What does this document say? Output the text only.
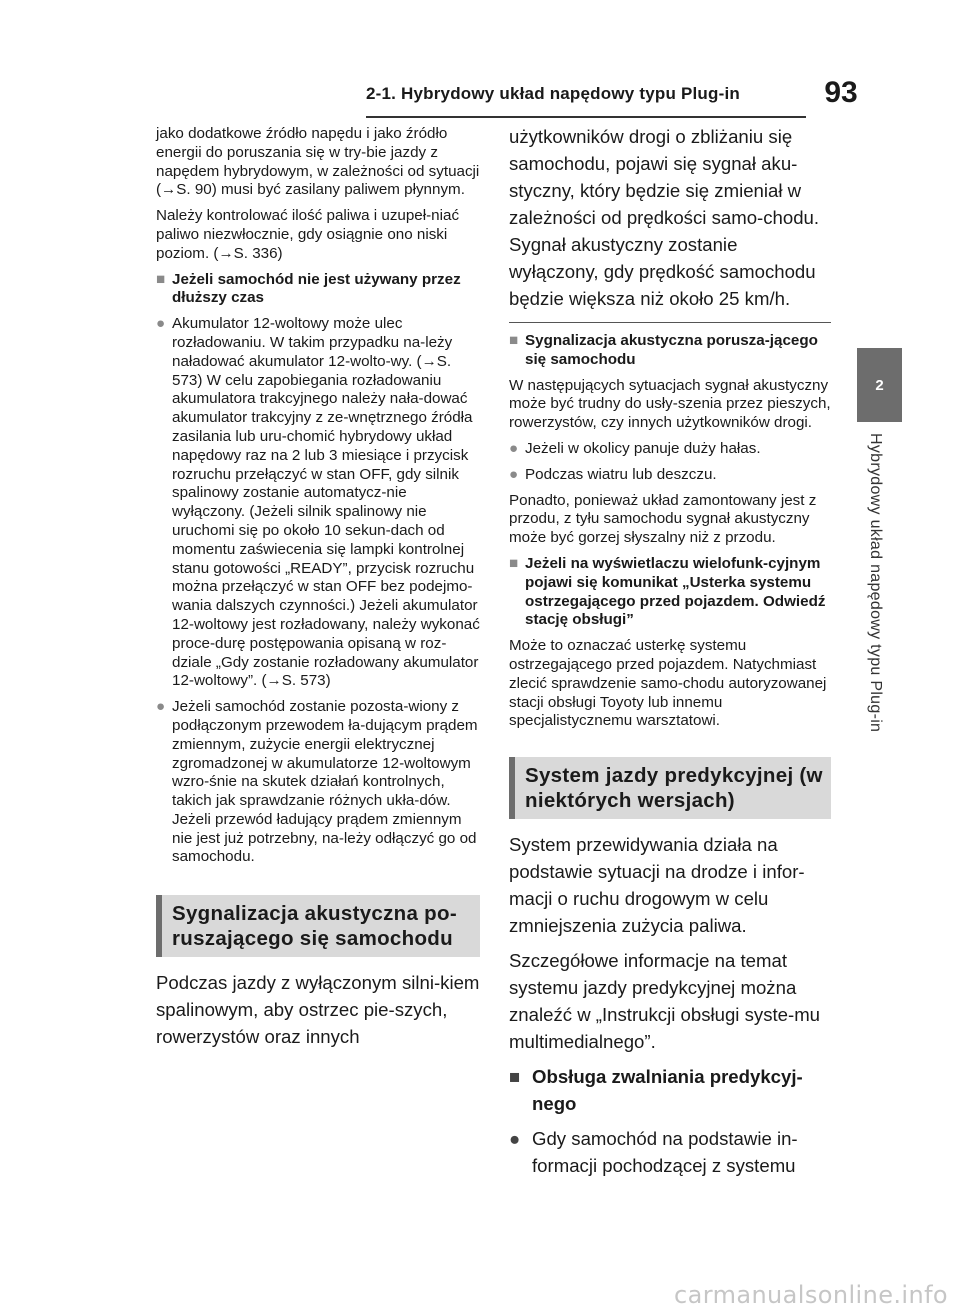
2-1. Hybrydowy układ napędowy typu Plug-in	93
2
Hybrydowy układ napędowy typu Plug-in

jako dodatkowe źródło napędu i jako źródło energii do poruszania się w try-bie jazdy z napędem hybrydowym, w zależności od sytuacji (→S. 90) musi być zasilany paliwem płynnym.

Należy kontrolować ilość paliwa i uzupeł-niać paliwo niezwłocznie, gdy osiągnie ono niski poziom. (→S. 336)

■ Jeżeli samochód nie jest używany przez dłuższy czas

● Akumulator 12-woltowy może ulec rozładowaniu. W takim przypadku na-leży naładować akumulator 12-wolto-wy. (→S. 573) W celu zapobiegania rozładowaniu akumulatora trakcyjnego należy nała-dować akumulator trakcyjny z ze-wnętrznego źródła zasilania lub uru-chomić hybrydowy układ napędowy raz na 2 lub 3 miesiące i przycisk rozruchu przełączyć w stan OFF, gdy silnik spalinowy zostanie automatycz-nie wyłączony. (Jeżeli silnik spalinowy nie uruchomi się po około 10 sekun-dach od momentu zaświecenia się lampki kontrolnej stanu gotowości „READY”, przycisk rozruchu można przełączyć w stan OFF bez podejmo-wania dalszych czynności.) Jeżeli akumulator 12-woltowy jest rozładowany, należy wykonać proce-durę postępowania opisaną w roz-dziale „Gdy zostanie rozładowany akumulator 12-woltowy”. (→S. 573)

● Jeżeli samochód zostanie pozosta-wiony z podłączonym przewodem ła-dującym prądem zmiennym, zużycie energii elektrycznej zgromadzonej w akumulatorze 12-woltowym wzro-śnie na skutek działań kontrolnych, takich jak sprawdzanie różnych ukła-dów. Jeżeli przewód ładujący prądem zmiennym nie jest już potrzebny, na-leży odłączyć go od samochodu.

Sygnalizacja akustyczna po-ruszającego się samochodu

Podczas jazdy z wyłączonym silni-kiem spalinowym, aby ostrzec pie-szych, rowerzystów oraz innych

użytkowników drogi o zbliżaniu się samochodu, pojawi się sygnał aku-styczny, który będzie się zmieniał w zależności od prędkości samo-chodu. Sygnał akustyczny zostanie wyłączony, gdy prędkość samochodu będzie większa niż około 25 km/h.

■ Sygnalizacja akustyczna porusza-jącego się samochodu

W następujących sytuacjach sygnał akustyczny może być trudny do usły-szenia przez pieszych, rowerzystów, czy innych użytkowników drogi.

● Jeżeli w okolicy panuje duży hałas.

● Podczas wiatru lub deszczu.

Ponadto, ponieważ układ zamontowany jest z przodu, z tyłu samochodu sygnał akustyczny może być gorzej słyszalny niż z przodu.

■ Jeżeli na wyświetlaczu wielofunk-cyjnym pojawi się komunikat „Usterka systemu ostrzegającego przed pojazdem. Odwiedź stację obsługi”

Może to oznaczać usterkę systemu ostrzegającego przed pojazdem. Natychmiast zlecić sprawdzenie samo-chodu autoryzowanej stacji obsługi Toyoty lub innemu specjalistycznemu warsztatowi.

System jazdy predykcyjnej (w niektórych wersjach)

System przewidywania działa na podstawie sytuacji na drodze i infor-macji o ruchu drogowym w celu zmniejszenia zużycia paliwa.

Szczegółowe informacje na temat systemu jazdy predykcyjnej można znaleźć w „Instrukcji obsługi syste-mu multimedialnego”.

■ Obsługa zwalniania predykcyj-nego

● Gdy samochód na podstawie in-formacji pochodzącej z systemu

carmanualsonline.info
